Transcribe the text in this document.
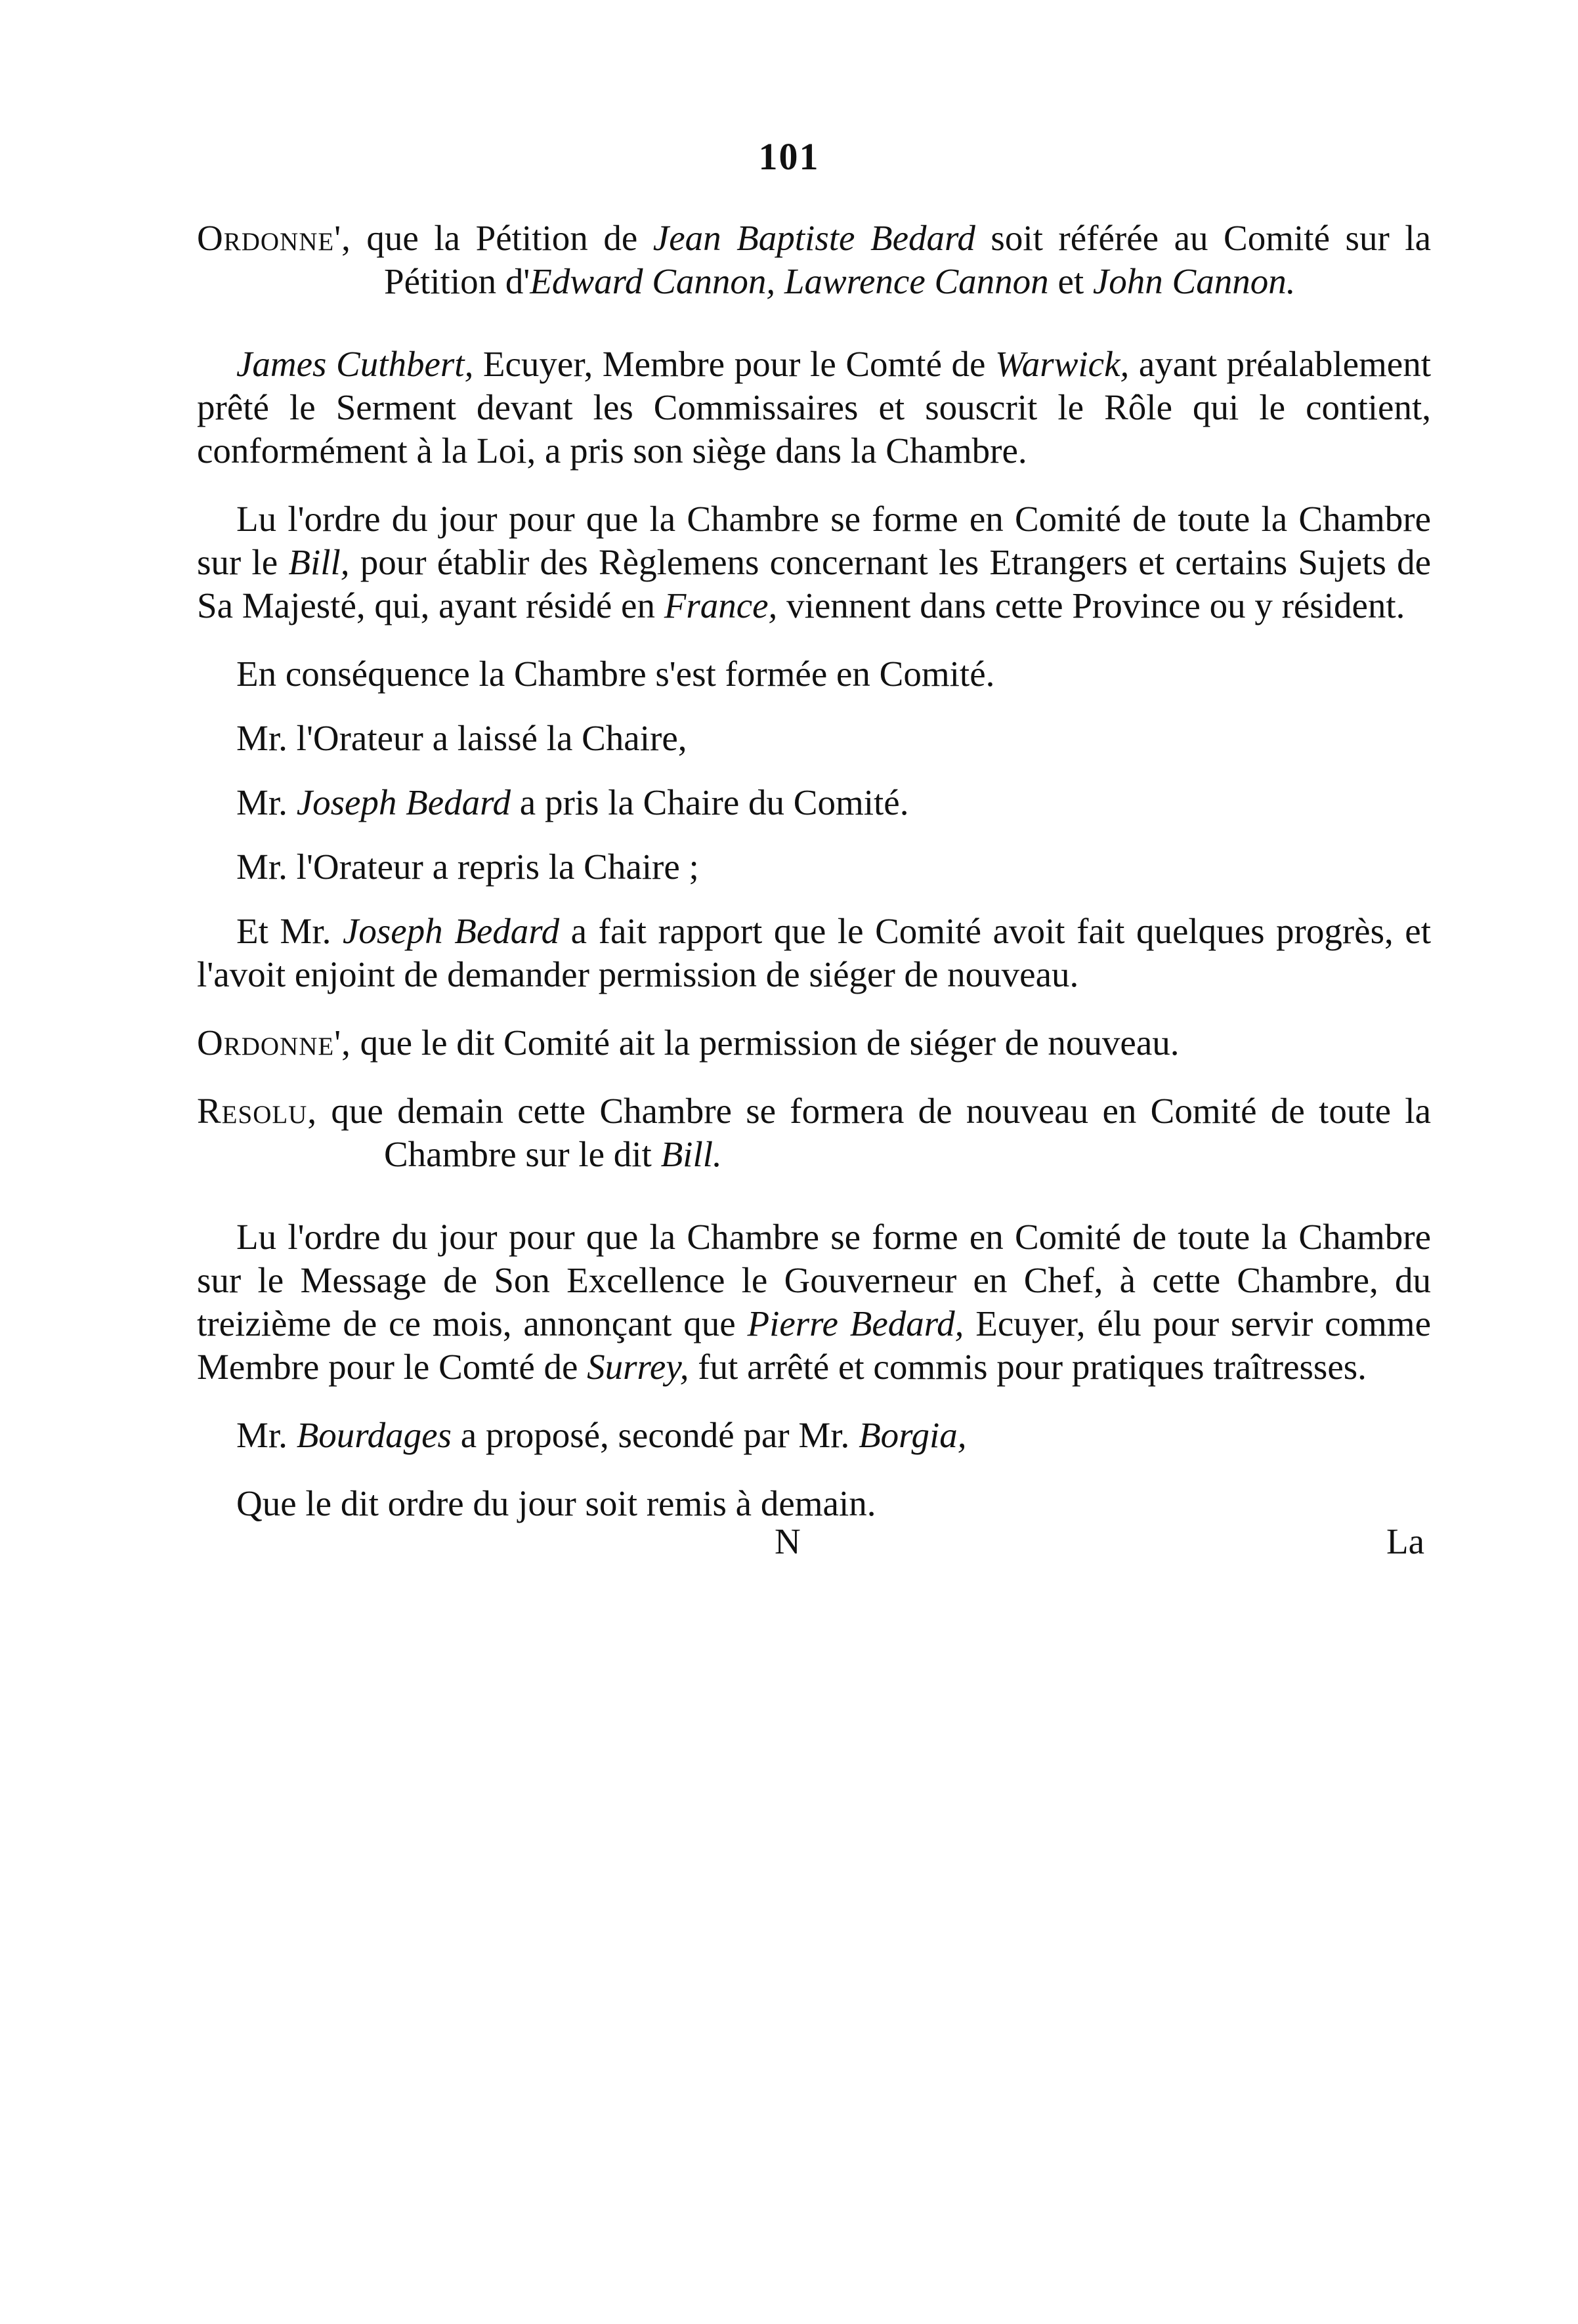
101

Ordonne', que la Pétition de Jean Baptiste Bedard soit référée au Comité sur la Pétition d'Edward Cannon, Lawrence Cannon et John Cannon.

James Cuthbert, Ecuyer, Membre pour le Comté de Warwick, ayant préalablement prêté le Serment devant les Commissaires et souscrit le Rôle qui le contient, conformément à la Loi, a pris son siège dans la Chambre.

Lu l'ordre du jour pour que la Chambre se forme en Comité de toute la Chambre sur le Bill, pour établir des Règlemens concernant les Etrangers et certains Sujets de Sa Majesté, qui, ayant résidé en France, viennent dans cette Province ou y résident.

En conséquence la Chambre s'est formée en Comité.

Mr. l'Orateur a laissé la Chaire,

Mr. Joseph Bedard a pris la Chaire du Comité.

Mr. l'Orateur a repris la Chaire ;

Et Mr. Joseph Bedard a fait rapport que le Comité avoit fait quelques progrès, et l'avoit enjoint de demander permission de siéger de nouveau.

Ordonne', que le dit Comité ait la permission de siéger de nouveau.

Resolu, que demain cette Chambre se formera de nouveau en Comité de toute la Chambre sur le dit Bill.

Lu l'ordre du jour pour que la Chambre se forme en Comité de toute la Chambre sur le Message de Son Excellence le Gouverneur en Chef, à cette Chambre, du treizième de ce mois, annonçant que Pierre Bedard, Ecuyer, élu pour servir comme Membre pour le Comté de Surrey, fut arrêté et commis pour pratiques traîtresses.

Mr. Bourdages a proposé, secondé par Mr. Borgia,

Que le dit ordre du jour soit remis à demain.

N	La
